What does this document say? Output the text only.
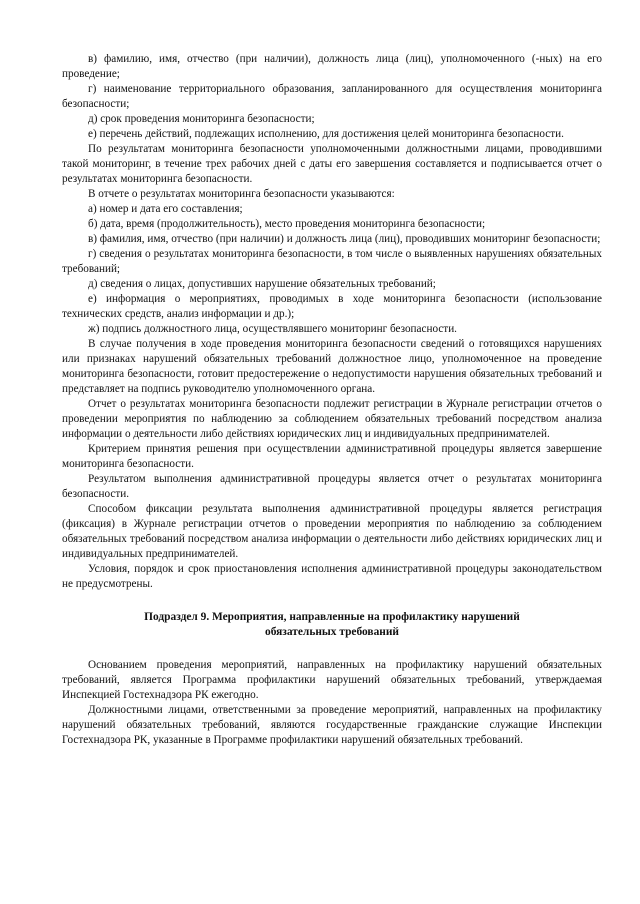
в) фамилию, имя, отчество (при наличии), должность лица (лиц), уполномоченного (-ных) на его проведение;

г) наименование территориального образования, запланированного для осуществления мониторинга безопасности;

д) срок проведения мониторинга безопасности;

е) перечень действий, подлежащих исполнению, для достижения целей мониторинга безопасности.

По результатам мониторинга безопасности уполномоченными должностными лицами, проводившими такой мониторинг, в течение трех рабочих дней с даты его завершения составляется и подписывается отчет о результатах мониторинга безопасности.

В отчете о результатах мониторинга безопасности указываются:

а) номер и дата его составления;

б) дата, время (продолжительность), место проведения мониторинга безопасности;

в) фамилия, имя, отчество (при наличии) и должность лица (лиц), проводивших мониторинг безопасности;

г) сведения о результатах мониторинга безопасности, в том числе о выявленных нарушениях обязательных требований;

д) сведения о лицах, допустивших нарушение обязательных требований;

е) информация о мероприятиях, проводимых в ходе мониторинга безопасности (использование технических средств, анализ информации и др.);

ж) подпись должностного лица, осуществлявшего мониторинг безопасности.

В случае получения в ходе проведения мониторинга безопасности сведений о готовящихся нарушениях или признаках нарушений обязательных требований должностное лицо, уполномоченное на проведение мониторинга безопасности, готовит предостережение о недопустимости нарушения обязательных требований и представляет на подпись руководителю уполномоченного органа.

Отчет о результатах мониторинга безопасности подлежит регистрации в Журнале регистрации отчетов о проведении мероприятия по наблюдению за соблюдением обязательных требований посредством анализа информации о деятельности либо действиях юридических лиц и индивидуальных предпринимателей.

Критерием принятия решения при осуществлении административной процедуры является завершение мониторинга безопасности.

Результатом выполнения административной процедуры является отчет о результатах мониторинга безопасности.

Способом фиксации результата выполнения административной процедуры является регистрация (фиксация) в Журнале регистрации отчетов о проведении мероприятия по наблюдению за соблюдением обязательных требований посредством анализа информации о деятельности либо действиях юридических лиц и индивидуальных предпринимателей.

Условия, порядок и срок приостановления исполнения административной процедуры законодательством не предусмотрены.

Подраздел 9. Мероприятия, направленные на профилактику нарушений
обязательных требований

Основанием проведения мероприятий, направленных на профилактику нарушений обязательных требований, является Программа профилактики нарушений обязательных требований, утверждаемая Инспекцией Гостехнадзора РК ежегодно.

Должностными лицами, ответственными за проведение мероприятий, направленных на профилактику нарушений обязательных требований, являются государственные гражданские служащие Инспекции Гостехнадзора РК, указанные в Программе профилактики нарушений обязательных требований.
